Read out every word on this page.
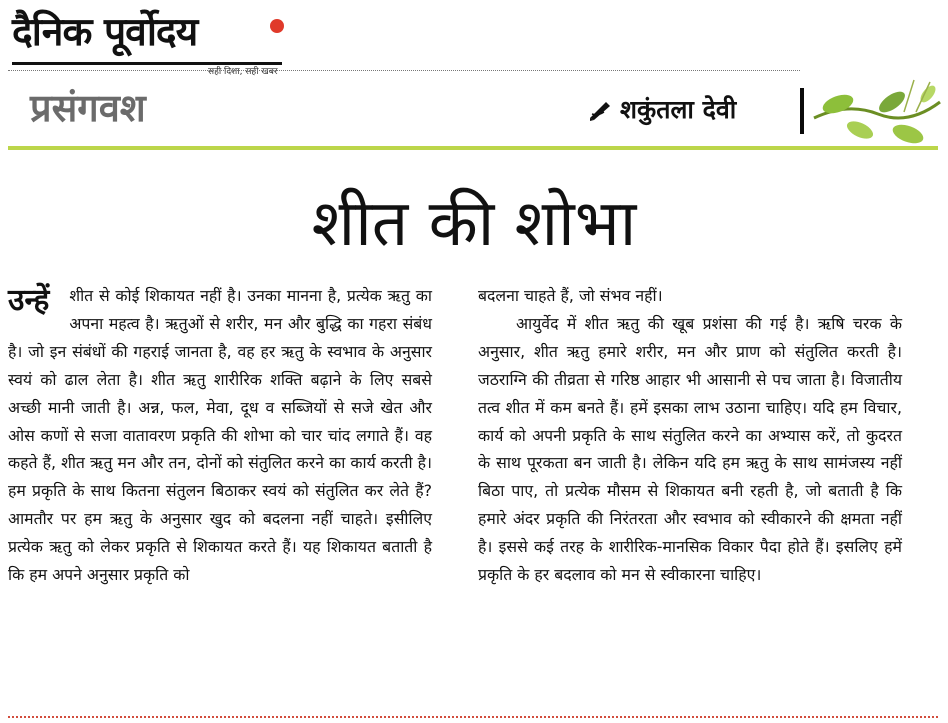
दैनिक पूर्वोदय
सही दिशा, सही खबर
प्रसंगवश	शकुंतला देवी
शीत की शोभा

उन्हें	शीत से कोई शिकायत नहीं है। उनका मानना है, प्रत्येक ऋतु का अपना महत्व है। ऋतुओं से शरीर, मन और बुद्धि का गहरा संबंध है। जो इन संबंधों की गहराई जानता है, वह हर ऋतु के स्वभाव के अनुसार स्वयं को ढाल लेता है। शीत ऋतु शारीरिक शक्ति बढ़ाने के लिए सबसे अच्छी मानी जाती है। अन्न, फल, मेवा, दूध व सब्जियों से सजे खेत और ओस कणों से सजा वातावरण प्रकृति की शोभा को चार चांद लगाते हैं। वह कहते हैं, शीत ऋतु मन और तन, दोनों को संतुलित करने का कार्य करती है। हम प्रकृति के साथ कितना संतुलन बिठाकर स्वयं को संतुलित कर लेते हैं? आमतौर पर हम ऋतु के अनुसार खुद को बदलना नहीं चाहते। इसीलिए प्रत्येक ऋतु को लेकर प्रकृति से शिकायत करते हैं। यह शिकायत बताती है कि हम अपने अनुसार प्रकृति को

बदलना चाहते हैं, जो संभव नहीं।

आयुर्वेद में शीत ऋतु की खूब प्रशंसा की गई है। ऋषि चरक के अनुसार, शीत ऋतु हमारे शरीर, मन और प्राण को संतुलित करती है। जठराग्नि की तीव्रता से गरिष्ठ आहार भी आसानी से पच जाता है। विजातीय तत्व शीत में कम बनते हैं। हमें इसका लाभ उठाना चाहिए। यदि हम विचार, कार्य को अपनी प्रकृति के साथ संतुलित करने का अभ्यास करें, तो कुदरत के साथ पूरकता बन जाती है। लेकिन यदि हम ऋतु के साथ सामंजस्य नहीं बिठा पाए, तो प्रत्येक मौसम से शिकायत बनी रहती है, जो बताती है कि हमारे अंदर प्रकृति की निरंतरता और स्वभाव को स्वीकारने की क्षमता नहीं है। इससे कई तरह के शारीरिक-मानसिक विकार पैदा होते हैं। इसलिए हमें प्रकृति के हर बदलाव को मन से स्वीकारना चाहिए।
